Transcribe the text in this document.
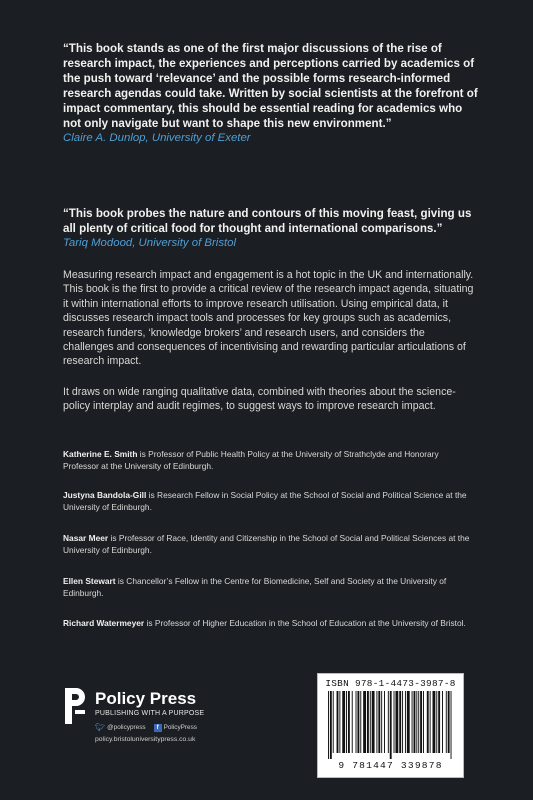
“This book stands as one of the first major discussions of the rise of research impact, the experiences and perceptions carried by academics of the push toward ‘relevance’ and the possible forms research-informed research agendas could take. Written by social scientists at the forefront of impact commentary, this should be essential reading for academics who not only navigate but want to shape this new environment.”
Claire A. Dunlop, University of Exeter
“This book probes the nature and contours of this moving feast, giving us all plenty of critical food for thought and international comparisons.”
Tariq Modood, University of Bristol

Measuring research impact and engagement is a hot topic in the UK and internationally. This book is the first to provide a critical review of the research impact agenda, situating it within international efforts to improve research utilisation. Using empirical data, it discusses research impact tools and processes for key groups such as academics, research funders, ‘knowledge brokers’ and research users, and considers the challenges and consequences of incentivising and rewarding particular articulations of research impact.

It draws on wide ranging qualitative data, combined with theories about the science-policy interplay and audit regimes, to suggest ways to improve research impact.

Katherine E. Smith is Professor of Public Health Policy at the University of Strathclyde and Honorary Professor at the University of Edinburgh.

Justyna Bandola-Gill is Research Fellow in Social Policy at the School of Social and Political Science at the University of Edinburgh.

Nasar Meer is Professor of Race, Identity and Citizenship in the School of Social and Political Sciences at the University of Edinburgh.

Ellen Stewart is Chancellor’s Fellow in the Centre for Biomedicine, Self and Society at the University of Edinburgh.

Richard Watermeyer is Professor of Higher Education in the School of Education at the University of Bristol.

Policy Press
PUBLISHING WITH A PURPOSE
🐦︎ @policypress f PolicyPress
policy.bristoluniversitypress.co.uk
ISBN 978-1-4473-3987-8
9 781447 339878
